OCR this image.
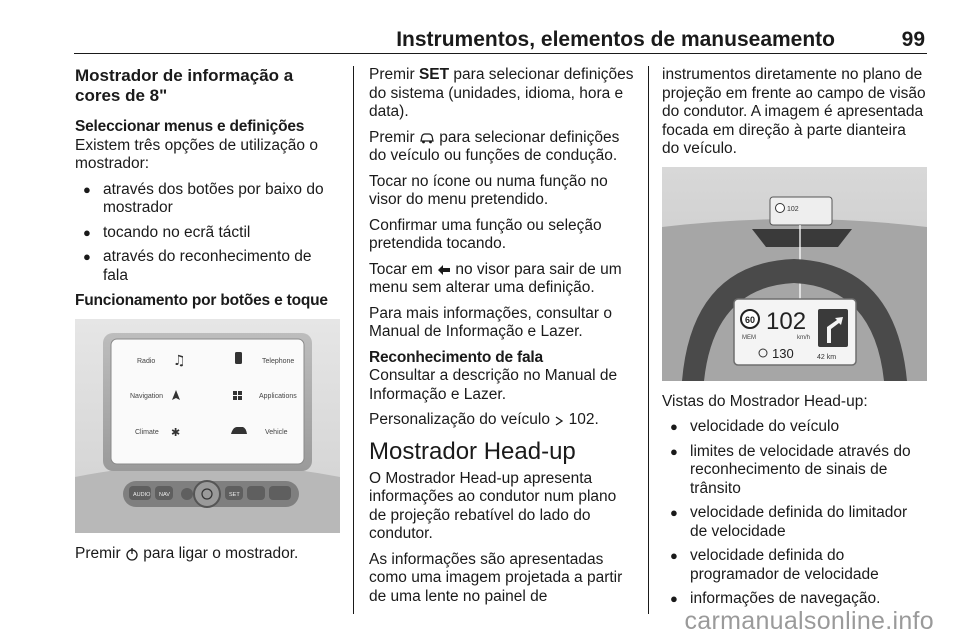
Instrumentos, elementos de manuseamento	99
Mostrador de informação a cores de 8"
Seleccionar menus e definições

Existem três opções de utilização o mostrador:

● através dos botões por baixo do mostrador
● tocando no ecrã táctil
● através do reconhecimento de fala
Funcionamento por botões e toque
Radio ♫	Telephone
Navigation	Applications
Climate ✱	Vehicle
AUDIO NAV	SET

Premir para ligar o mostrador.

Premir SET para selecionar definições do sistema (unidades, idioma, hora e data).

Premir para selecionar definições do veículo ou funções de condução.

Tocar no ícone ou numa função no visor do menu pretendido.

Confirmar uma função ou seleção pretendida tocando.

Tocar em no visor para sair de um menu sem alterar uma definição.

Para mais informações, consultar o Manual de Informação e Lazer.

Reconhecimento de fala

Consultar a descrição no Manual de Informação e Lazer.

Personalização do veículo 102.

Mostrador Head-up

O Mostrador Head-up apresenta informações ao condutor num plano de projeção rebatível do lado do condutor.

As informações são apresentadas como uma imagem projetada a partir de uma lente no painel de

instrumentos diretamente no plano de projeção em frente ao campo de visão do condutor. A imagem é apresentada focada em direção à parte dianteira do veículo.

102
60
MEM
102
km/h
130	42 km

Vistas do Mostrador Head-up:

● velocidade do veículo
● limites de velocidade através do reconhecimento de sinais de trânsito
● velocidade definida do limitador de velocidade
● velocidade definida do programador de velocidade
● informações de navegação.
carmanualsonline.info
